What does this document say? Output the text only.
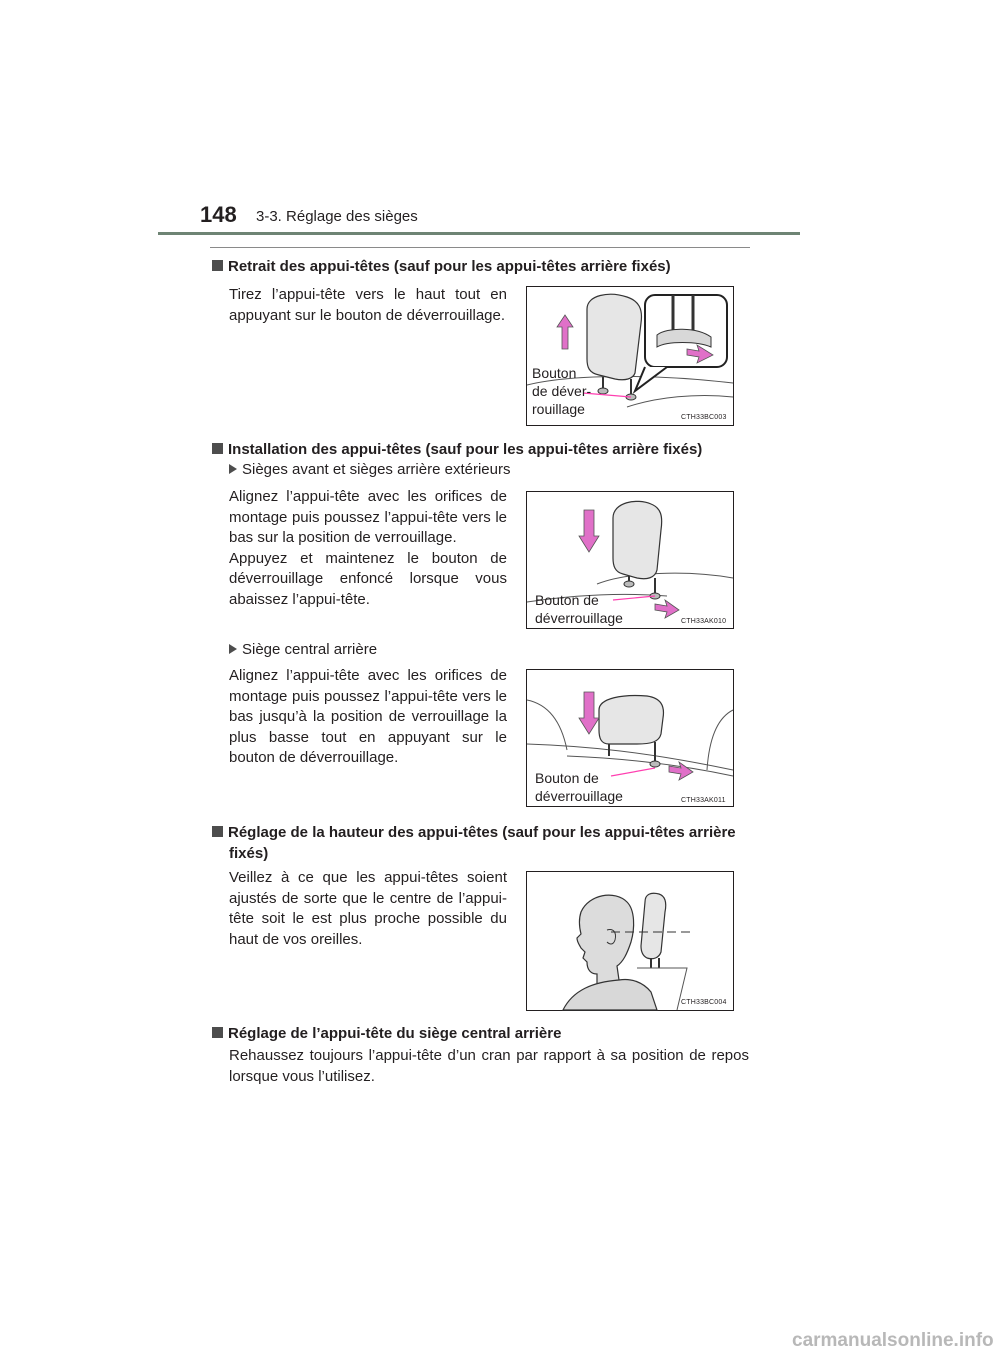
148 3-3. Réglage des sièges
Retrait des appui-têtes (sauf pour les appui-têtes arrière fixés)
Tirez l’appui-tête vers le haut tout en appuyant sur le bouton de déverrouillage.
Bouton
de déver-
rouillage
CTH33BC003
Installation des appui-têtes (sauf pour les appui-têtes arrière fixés)
Sièges avant et sièges arrière extérieurs
Alignez l’appui-tête avec les orifices de montage puis poussez l’appui-tête vers le bas sur la position de verrouillage.
Appuyez et maintenez le bouton de déverrouillage enfoncé lorsque vous abaissez l’appui-tête.	Bouton de
déverrouillage	CTH33AK010
Siège central arrière
Alignez l’appui-tête avec les orifices de montage puis poussez l’appui-tête vers le bas jusqu’à la position de verrouillage la plus basse tout en appuyant sur le bouton de déverrouillage.
Bouton de
déverrouillage	CTH33AK011
Réglage de la hauteur des appui-têtes (sauf pour les appui-têtes arrière
fixés)
Veillez à ce que les appui-têtes soient ajustés de sorte que le centre de l’appui-tête soit le est plus proche possible du haut de vos oreilles.
CTH33BC004
Réglage de l’appui-tête du siège central arrière
Rehaussez toujours l’appui-tête d’un cran par rapport à sa position de repos lorsque vous l’utilisez.
carmanualsonline.info
